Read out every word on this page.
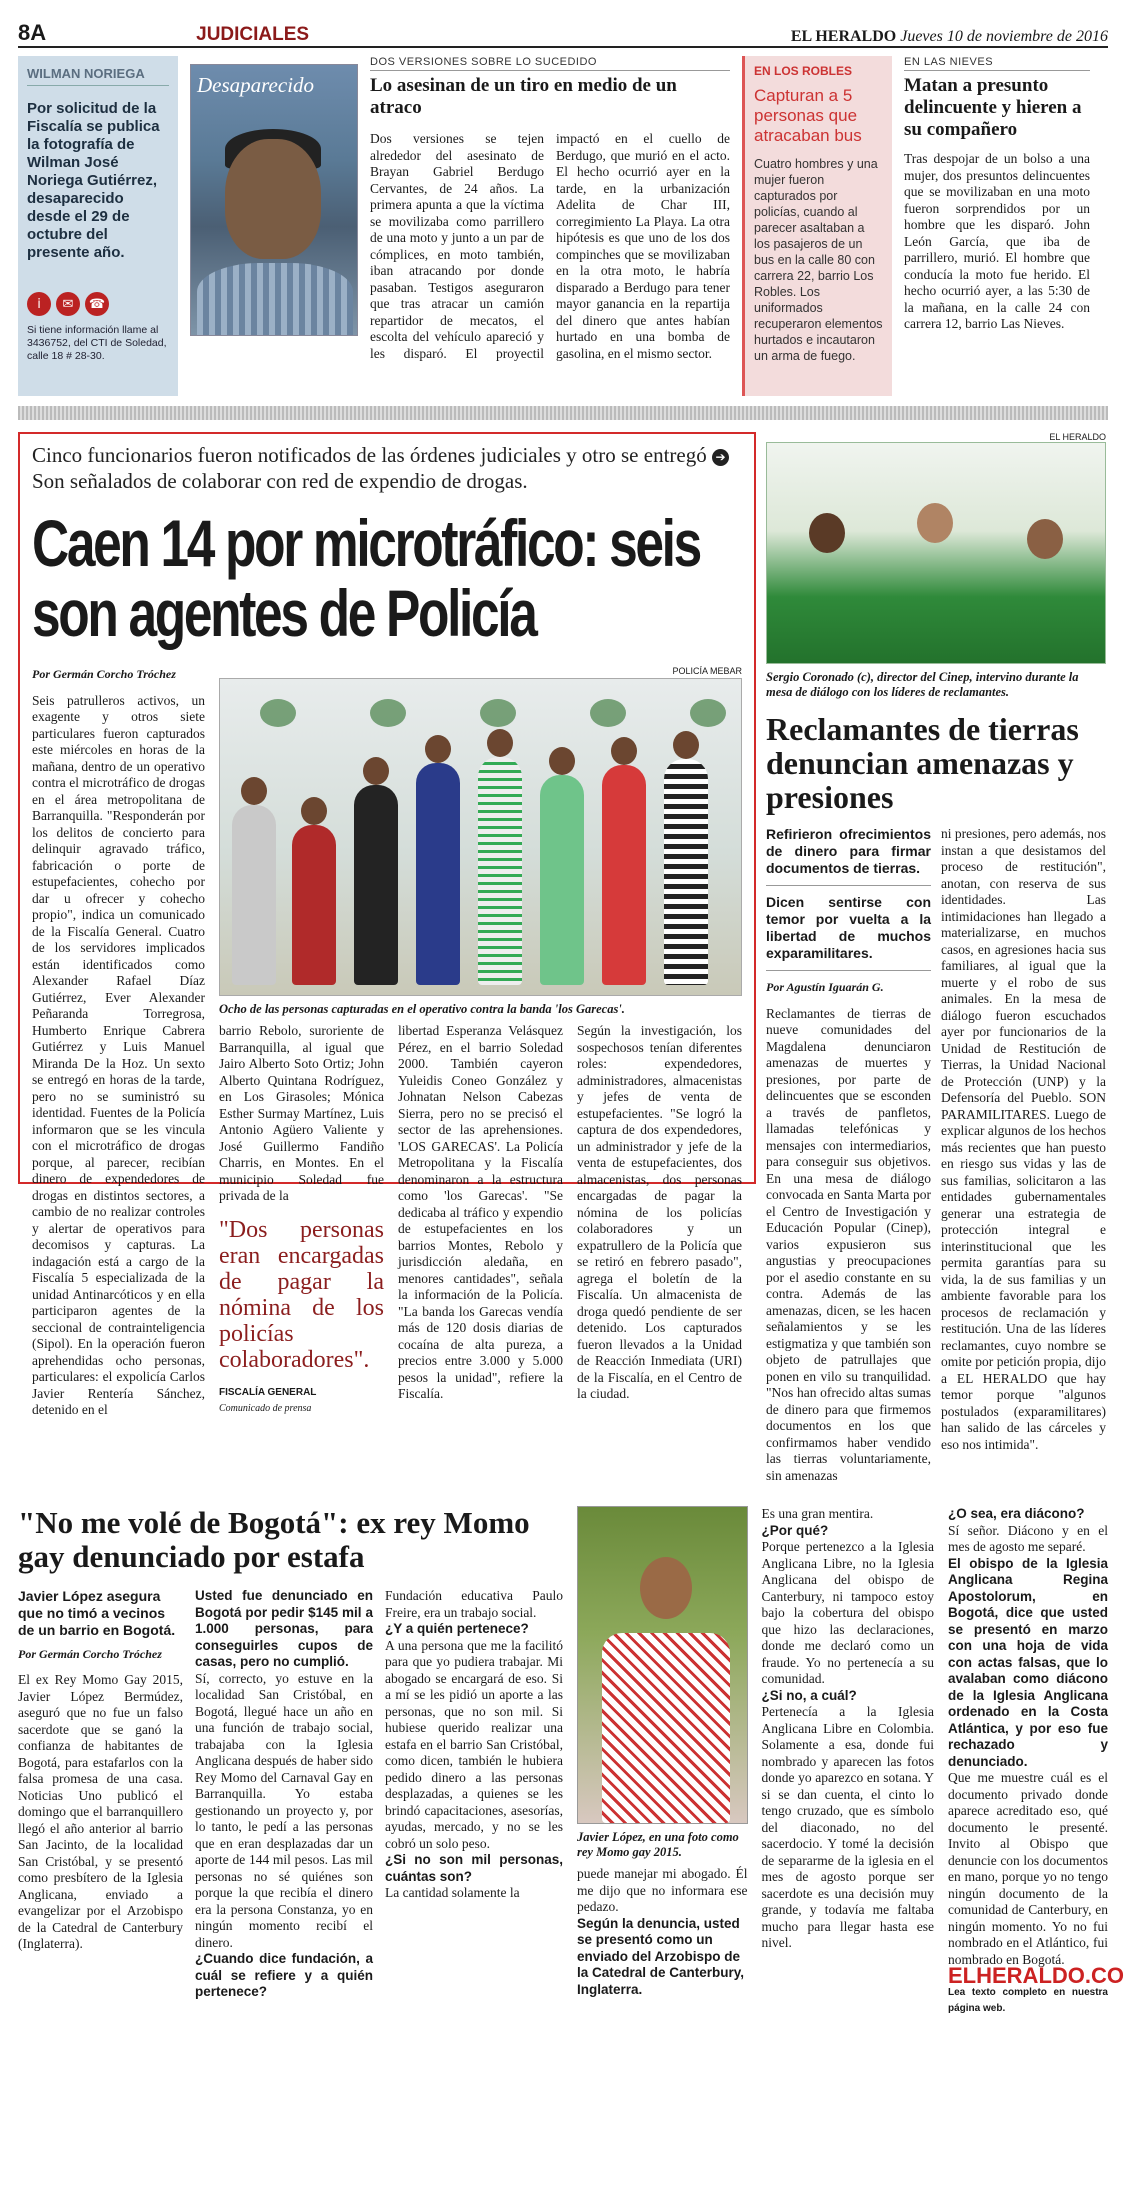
8A	JUDICIALES	EL HERALDO Jueves 10 de noviembre de 2016
WILMAN NORIEGA
Por solicitud de la Fiscalía se publica la fotografía de Wilman José Noriega Gutiérrez, desaparecido desde el 29 de octubre del presente año.
i	✉	☎
Si tiene información llame al 3436752, del CTI de Soledad, calle 18 # 28-30.
Desaparecido
DOS VERSIONES SOBRE LO SUCEDIDO
Lo asesinan de un tiro en medio de un atraco
Dos versiones se tejen alrededor del asesinato de Brayan Gabriel Berdugo Cervantes, de 24 años. La primera apunta a que la víctima se movilizaba como parrillero de una moto y junto a un par de cómplices, en moto también, iban atracando por donde pasaban. Testigos aseguraron que tras atracar un camión repartidor de mecatos, el escolta del vehículo apareció y les disparó. El proyectil impactó en el cuello de Berdugo, que murió en el acto. El hecho ocurrió ayer en la tarde, en la urbanización Adelita de Char III, corregimiento La Playa. La otra hipótesis es que uno de los dos compinches que se movilizaban en la otra moto, le habría disparado a Berdugo para tener mayor ganancia en la repartija del dinero que antes habían hurtado en una bomba de gasolina, en el mismo sector.
EN LOS ROBLES
Capturan a 5 personas que atracaban bus
Cuatro hombres y una mujer fueron capturados por policías, cuando al parecer asaltaban a los pasajeros de un bus en la calle 80 con carrera 22, barrio Los Robles. Los uniformados recuperaron elementos hurtados e incautaron un arma de fuego.
EN LAS NIEVES
Matan a presunto delincuente y hieren a su compañero

Tras despojar de un bolso a una mujer, dos presuntos delincuentes que se movilizaban en una moto fueron sorprendidos por un hombre que les disparó. John León García, que iba de parrillero, murió. El hombre que conducía la moto fue herido. El hecho ocurrió ayer, a las 5:30 de la mañana, en la calle 24 con carrera 12, barrio Las Nieves.

Cinco funcionarios fueron notificados de las órdenes judiciales y otro se entregó ➔ Son señalados de colaborar con red de expendio de drogas.
Caen 14 por microtráfico: seis son agentes de Policía
Por Germán Corcho Tróchez
Seis patrulleros activos, un exagente y otros siete particulares fueron capturados este miércoles en horas de la mañana, dentro de un operativo contra el microtráfico de drogas en el área metropolitana de Barranquilla. "Responderán por los delitos de concierto para delinquir agravado tráfico, fabricación o porte de estupefacientes, cohecho por dar u ofrecer y cohecho propio", indica un comunicado de la Fiscalía General. Cuatro de los servidores implicados están identificados como Alexander Rafael Díaz Gutiérrez, Ever Alexander Peñaranda Torregrosa, Humberto Enrique Cabrera Gutiérrez y Luis Manuel Miranda De la Hoz. Un sexto se entregó en horas de la tarde, pero no se suministró su identidad. Fuentes de la Policía informaron que se les vincula con el microtráfico de drogas porque, al parecer, recibían dinero de expendedores de drogas en distintos sectores, a cambio de no realizar controles y alertar de operativos para decomisos y capturas. La indagación está a cargo de la Fiscalía 5 especializada de la unidad Antinarcóticos y en ella participaron agentes de la seccional de contrainteligencia (Sipol). En la operación fueron aprehendidas ocho personas, particulares: el expolicía Carlos Javier Rentería Sánchez, detenido en el
POLICÍA MEBAR
Ocho de las personas capturadas en el operativo contra la banda 'los Garecas'.
barrio Rebolo, suroriente de Barranquilla, al igual que Jairo Alberto Soto Ortiz; John Alberto Quintana Rodríguez, en Los Girasoles; Mónica Esther Surmay Martínez, Luis Antonio Agüero Valiente y José Guillermo Fandiño Charris, en Montes. En el municipio Soledad fue privada de la
"Dos personas eran encargadas de pagar la nómina de los policías colaboradores".
FISCALÍA GENERAL
Comunicado de prensa
libertad Esperanza Velásquez Pérez, en el barrio Soledad 2000. También cayeron Yuleidis Coneo González y Johnatan Nelson Cabezas Sierra, pero no se precisó el sector de las aprehensiones. 'LOS GARECAS'. La Policía Metropolitana y la Fiscalía denominaron a la estructura como 'los Garecas'. "Se dedicaba al tráfico y expendio de estupefacientes en los barrios Montes, Rebolo y jurisdicción aledaña, en menores cantidades", señala la información de la Policía. "La banda los Garecas vendía más de 120 dosis diarias de cocaína de alta pureza, a precios entre 3.000 y 5.000 pesos la unidad", refiere la Fiscalía.
Según la investigación, los sospechosos tenían diferentes roles: expendedores, administradores, almacenistas y jefes de venta de estupefacientes. "Se logró la captura de dos expendedores, un administrador y jefe de la venta de estupefacientes, dos almacenistas, dos personas encargadas de pagar la nómina de los policías colaboradores y un expatrullero de la Policía que se retiró en febrero pasado", agrega el boletín de la Fiscalía. Un almacenista de droga quedó pendiente de ser detenido. Los capturados fueron llevados a la Unidad de Reacción Inmediata (URI) de la Fiscalía, en el Centro de la ciudad.
EL HERALDO
Sergio Coronado (c), director del Cinep, intervino durante la mesa de diálogo con los líderes de reclamantes.
Reclamantes de tierras denuncian amenazas y presiones
Refirieron ofrecimientos de dinero para firmar documentos de tierras.
Dicen sentirse con temor por vuelta a la libertad de muchos exparamilitares.
Por Agustín Iguarán G.
Reclamantes de tierras de nueve comunidades del Magdalena denunciaron amenazas de muertes y presiones, por parte de delincuentes que se esconden a través de panfletos, llamadas telefónicas y mensajes con intermediarios, para conseguir sus objetivos. En una mesa de diálogo convocada en Santa Marta por el Centro de Investigación y Educación Popular (Cinep), varios expusieron sus angustias y preocupaciones por el asedio constante en su contra. Además de las amenazas, dicen, se les hacen señalamientos y se les estigmatiza y que también son objeto de patrullajes que ponen en vilo su tranquilidad. "Nos han ofrecido altas sumas de dinero para que firmemos documentos en los que confirmamos haber vendido las tierras voluntariamente, sin amenazas
ni presiones, pero además, nos instan a que desistamos del proceso de restitución", anotan, con reserva de sus identidades. Las intimidaciones han llegado a materializarse, en muchos casos, en agresiones hacia sus familiares, al igual que la muerte y el robo de sus animales. En la mesa de diálogo fueron escuchados ayer por funcionarios de la Unidad de Restitución de Tierras, la Unidad Nacional de Protección (UNP) y la Defensoría del Pueblo. SON PARAMILITARES. Luego de explicar algunos de los hechos más recientes que han puesto en riesgo sus vidas y las de sus familias, solicitaron a las entidades gubernamentales generar una estrategia de protección integral e interinstitucional que les permita garantías para su vida, la de sus familias y un ambiente favorable para los procesos de reclamación y restitución. Una de las líderes reclamantes, cuyo nombre se omite por petición propia, dijo a EL HERALDO que hay temor porque "algunos postulados (exparamilitares) han salido de las cárceles y eso nos intimida".
"No me volé de Bogotá": ex rey Momo gay denunciado por estafa
Javier López asegura que no timó a vecinos de un barrio en Bogotá.
Por Germán Corcho Tróchez
El ex Rey Momo Gay 2015, Javier López Bermúdez, aseguró que no fue un falso sacerdote que se ganó la confianza de habitantes de Bogotá, para estafarlos con la falsa promesa de una casa. Noticias Uno publicó el domingo que el barranquillero llegó el año anterior al barrio San Jacinto, de la localidad San Cristóbal, y se presentó como presbítero de la Iglesia Anglicana, enviado a evangelizar por el Arzobispo de la Catedral de Canterbury (Inglaterra).
Usted fue denunciado en Bogotá por pedir $145 mil a 1.000 personas, para conseguirles cupos de casas, pero no cumplió.
Sí, correcto, yo estuve en la localidad San Cristóbal, en Bogotá, llegué hace un año en una función de trabajo social, trabajaba con la Iglesia Anglicana después de haber sido Rey Momo del Carnaval Gay en Barranquilla. Yo estaba gestionando un proyecto y, por lo tanto, le pedí a las personas que en eran desplazadas dar un aporte de 144 mil pesos. Las mil personas no sé quiénes son porque la que recibía el dinero era la persona Constanza, yo en ningún momento recibí el dinero.
¿Cuando dice fundación, a cuál se refiere y a quién pertenece?
Fundación educativa Paulo Freire, era un trabajo social.
¿Y a quién pertenece?
A una persona que me la facilitó para que yo pudiera trabajar. Mi abogado se encargará de eso. Si a mí se les pidió un aporte a las personas, que no son mil. Si hubiese querido realizar una estafa en el barrio San Cristóbal, como dicen, también le hubiera pedido dinero a las personas desplazadas, a quienes se les brindó capacitaciones, asesorías, ayudas, mercado, y no se les cobró un solo peso.
¿Si no son mil personas, cuántas son?
La cantidad solamente la
Javier López, en una foto como rey Momo gay 2015.
puede manejar mi abogado. Él me dijo que no informara ese pedazo.
Según la denuncia, usted se presentó como un enviado del Arzobispo de la Catedral de Canterbury, Inglaterra.
Es una gran mentira.
¿Por qué?
Porque pertenezco a la Iglesia Anglicana Libre, no la Iglesia Anglicana del obispo de Canterbury, ni tampoco estoy bajo la cobertura del obispo que hizo las declaraciones, donde me declaró como un fraude. Yo no pertenecía a su comunidad.
¿Si no, a cuál?
Pertenecía a la Iglesia Anglicana Libre en Colombia. Solamente a esa, donde fui nombrado y aparecen las fotos donde yo aparezco en sotana. Y si se dan cuenta, el cinto lo tengo cruzado, que es símbolo del diaconado, no del sacerdocio. Y tomé la decisión de separarme de la iglesia en el mes de agosto porque ser sacerdote es una decisión muy grande, y todavía me faltaba mucho para llegar hasta ese nivel.
¿O sea, era diácono?
Sí señor. Diácono y en el mes de agosto me separé.
El obispo de la Iglesia Anglicana Regina Apostolorum, en Bogotá, dice que usted se presentó en marzo con una hoja de vida con actas falsas, que lo avalaban como diácono de la Iglesia Anglicana ordenado en la Costa Atlántica, y por eso fue rechazado y denunciado.
Que me muestre cuál es el documento privado donde aparece acreditado eso, qué documento le presenté. Invito al Obispo que denuncie con los documentos en mano, porque yo no tengo ningún documento de la comunidad de Canterbury, en ningún momento. Yo no fui nombrado en el Atlántico, fui nombrado en Bogotá.
ELHERALDO.CO
Lea texto completo en nuestra página web.
